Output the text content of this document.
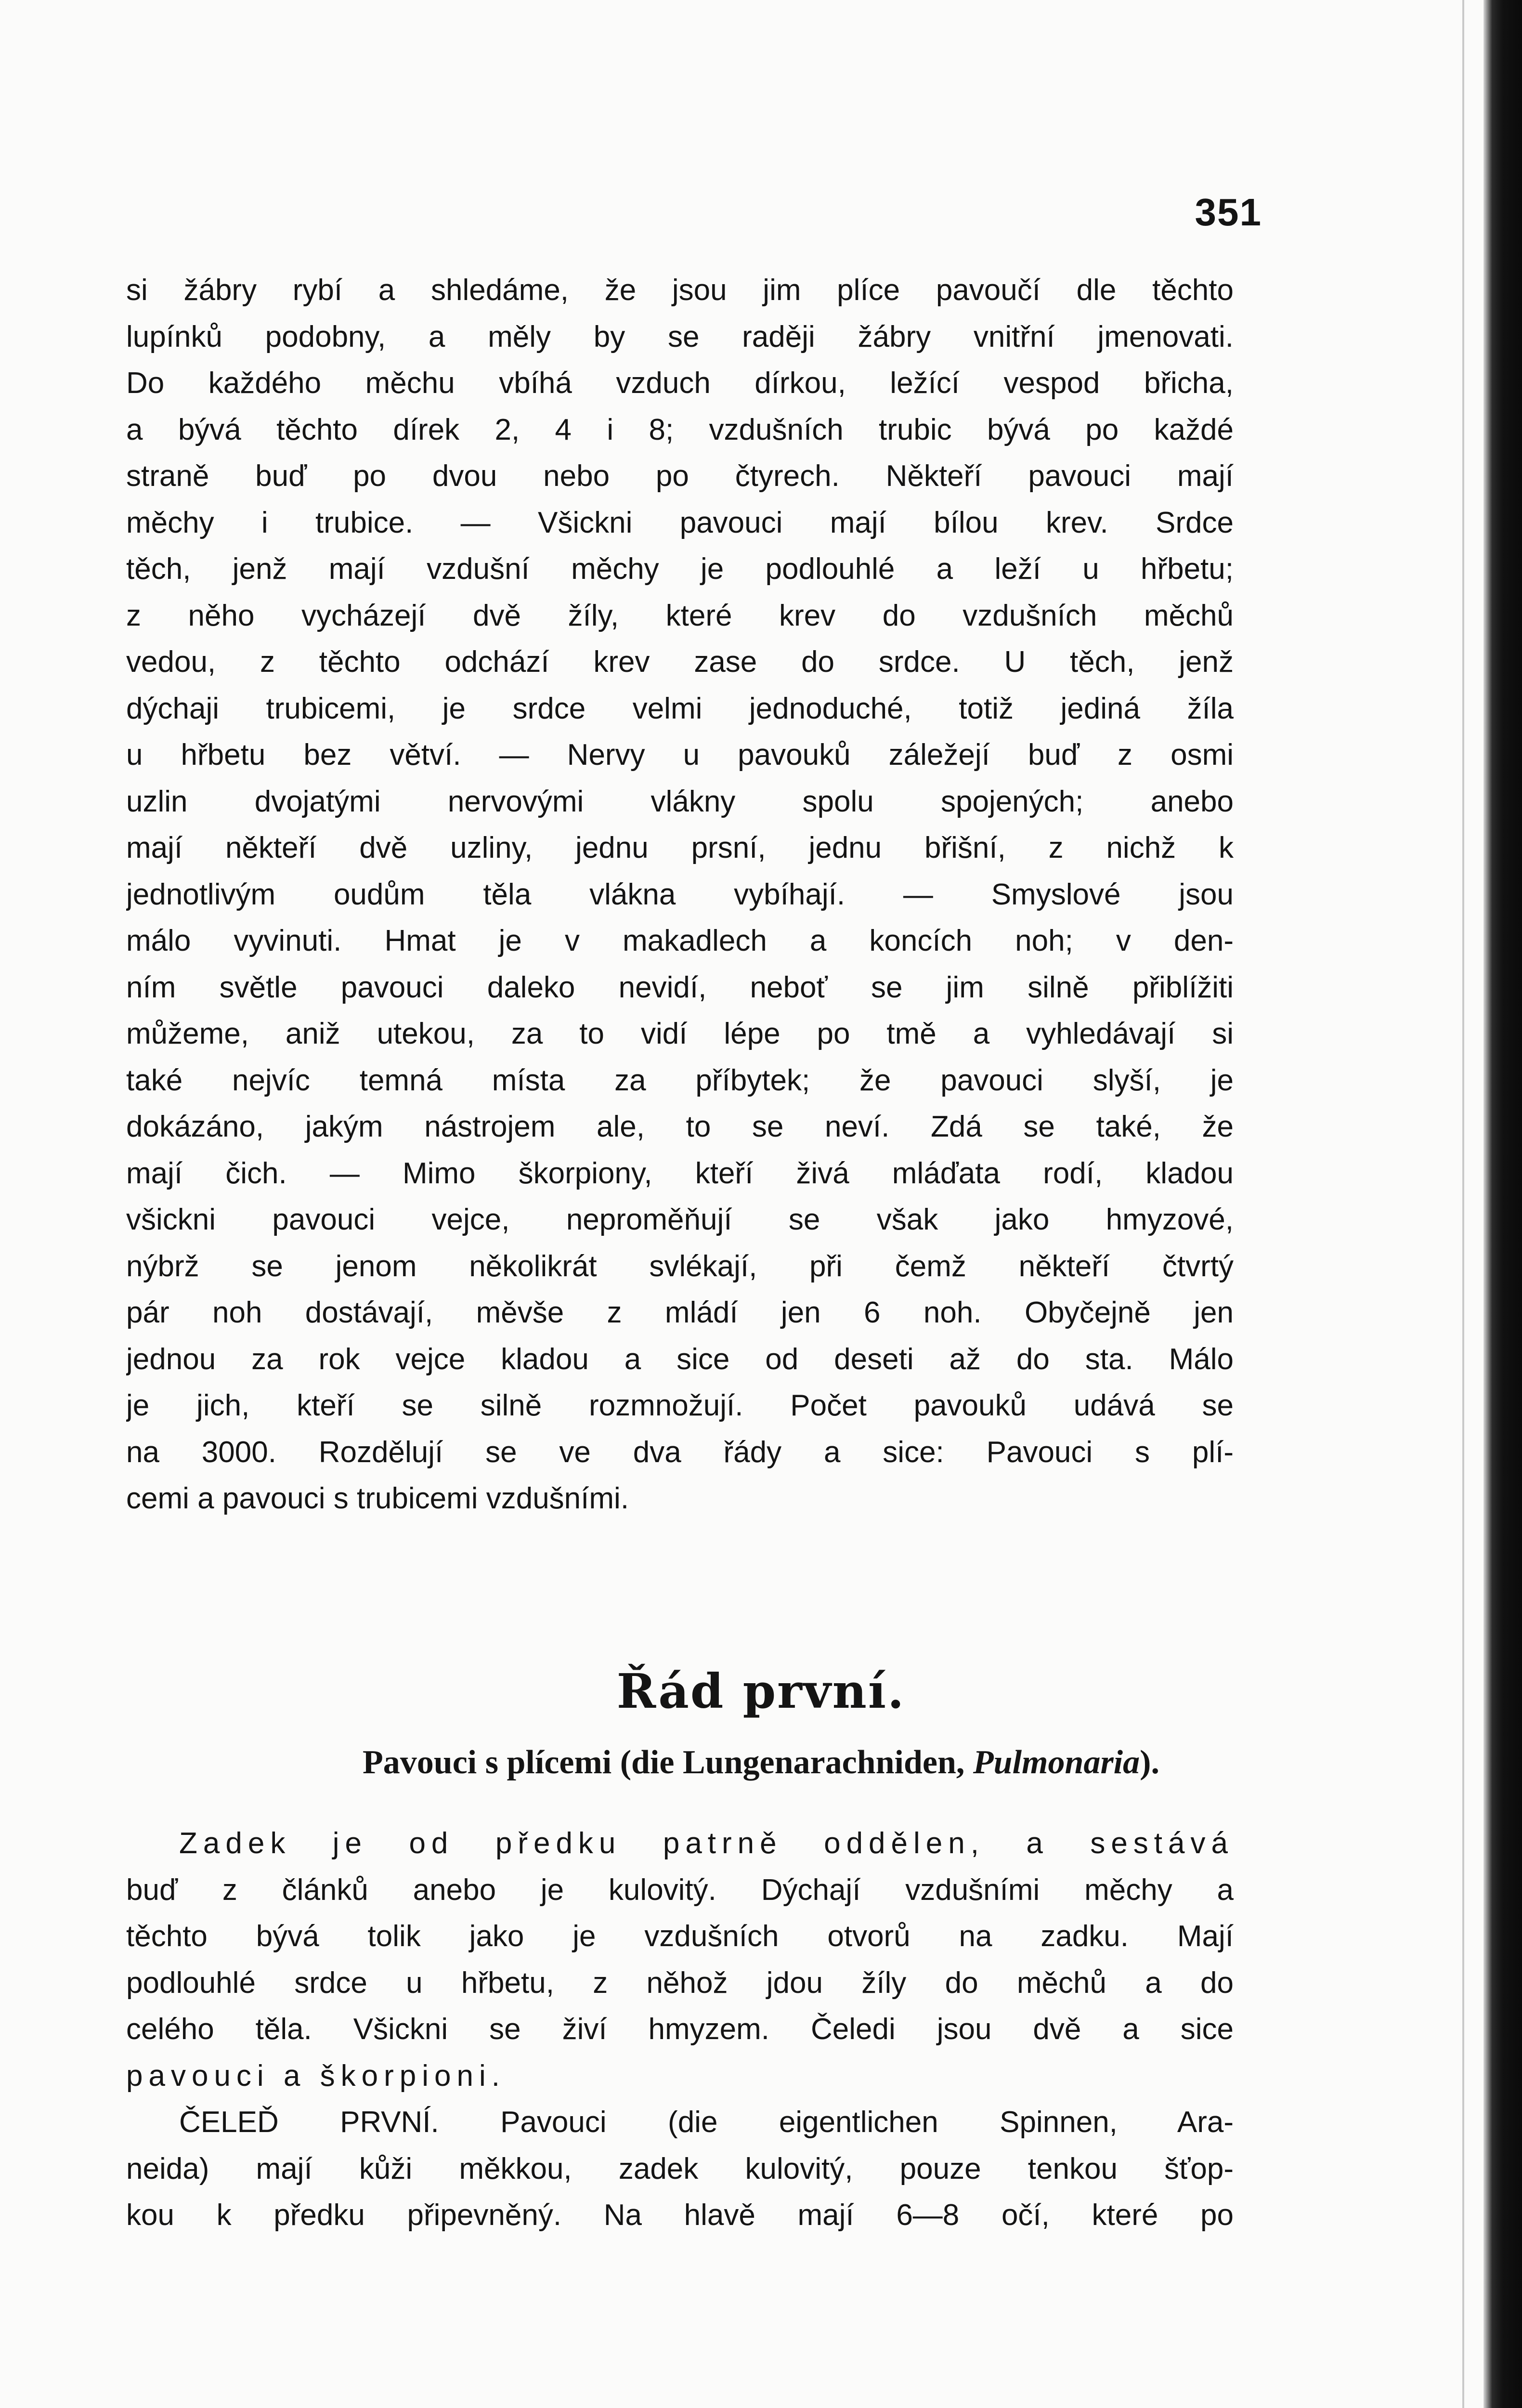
351
si žábry rybí a shledáme, že jsou jim plíce pavoučí dle těchto
lupínků podobny, a měly by se raději žábry vnitřní jmenovati.
Do každého měchu vbíhá vzduch dírkou, ležící vespod břicha,
a bývá těchto dírek 2, 4 i 8; vzdušních trubic bývá po každé
straně buď po dvou nebo po čtyrech. Někteří pavouci mají
měchy i trubice. — Všickni pavouci mají bílou krev. Srdce
těch, jenž mají vzdušní měchy je podlouhlé a leží u hřbetu;
z něho vycházejí dvě žíly, které krev do vzdušních měchů
vedou, z těchto odchází krev zase do srdce. U těch, jenž
dýchaji trubicemi, je srdce velmi jednoduché, totiž jediná žíla
u hřbetu bez větví. — Nervy u pavouků záležejí buď z osmi
uzlin dvojatými nervovými vlákny spolu spojených; anebo
mají někteří dvě uzliny, jednu prsní, jednu břišní, z nichž k
jednotlivým oudům těla vlákna vybíhají. — Smyslové jsou
málo vyvinuti. Hmat je v makadlech a koncích noh; v den-
ním světle pavouci daleko nevidí, neboť se jim silně přiblížiti
můžeme, aniž utekou, za to vidí lépe po tmě a vyhledávají si
také nejvíc temná místa za příbytek; že pavouci slyší, je
dokázáno, jakým nástrojem ale, to se neví. Zdá se také, že
mají čich. — Mimo škorpiony, kteří živá mláďata rodí, kladou
všickni pavouci vejce, neproměňují se však jako hmyzové,
nýbrž se jenom několikrát svlékají, při čemž někteří čtvrtý
pár noh dostávají, měvše z mládí jen 6 noh. Obyčejně jen
jednou za rok vejce kladou a sice od deseti až do sta. Málo
je jich, kteří se silně rozmnožují. Počet pavouků udává se
na 3000. Rozdělují se ve dva řády a sice: Pavouci s plí-
cemi a pavouci s trubicemi vzdušními.
Řád první.
Pavouci s plícemi (die Lungenarachniden, Pulmonaria).
Zadek je od předku patrně oddělen, a sestává
buď z článků anebo je kulovitý. Dýchají vzdušními měchy a
těchto bývá tolik jako je vzdušních otvorů na zadku. Mají
podlouhlé srdce u hřbetu, z něhož jdou žíly do měchů a do
celého těla. Všickni se živí hmyzem. Čeledi jsou dvě a sice
pavouci a škorpioni.
ČELEĎ PRVNÍ. Pavouci (die eigentlichen Spinnen, Ara-
neida) mají kůži měkkou, zadek kulovitý, pouze tenkou šťop-
kou k předku připevněný. Na hlavě mají 6—8 očí, které po
